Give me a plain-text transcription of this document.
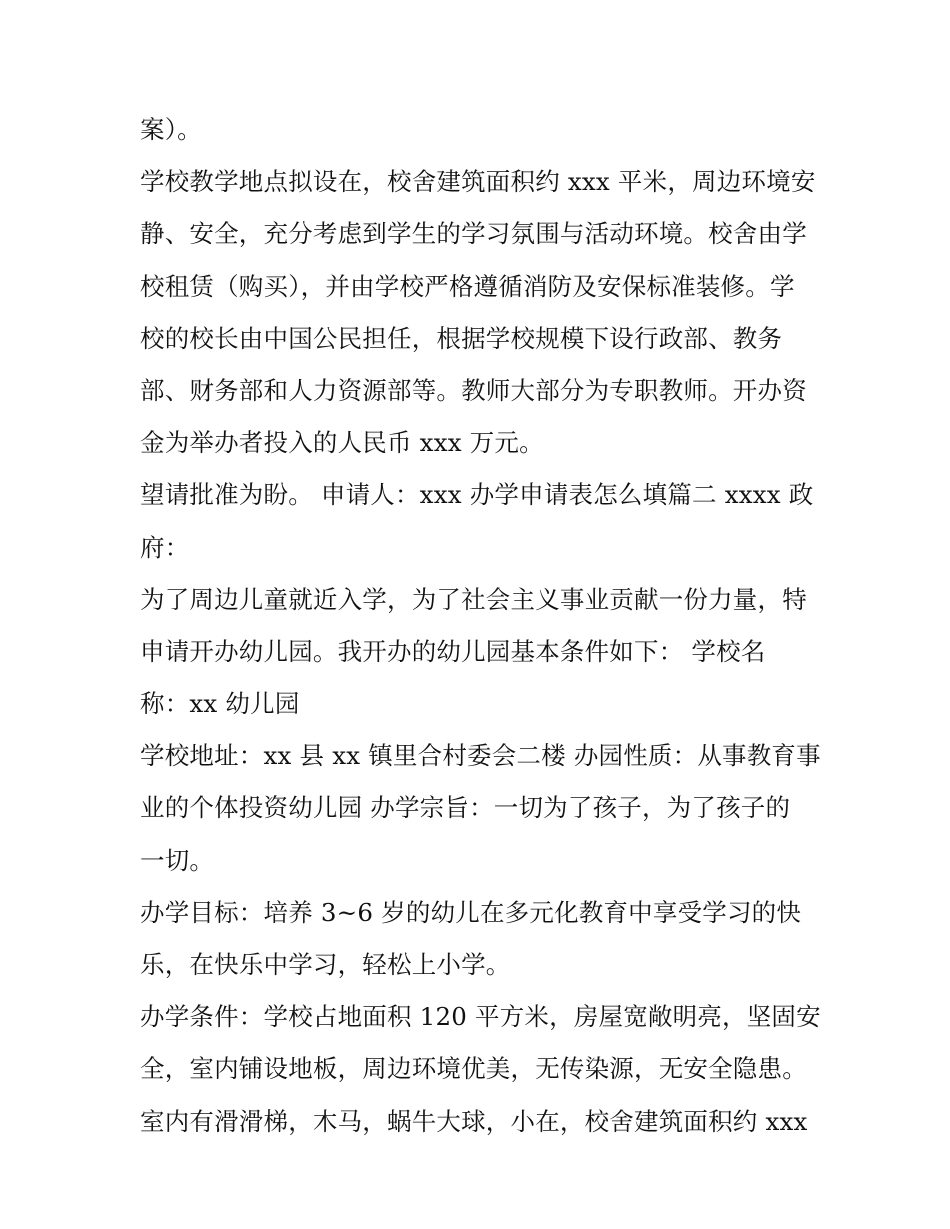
案）。
学校教学地点拟设在，校舍建筑面积约 xxx 平米，周边环境安
静、安全，充分考虑到学生的学习氛围与活动环境。校舍由学
校租赁（购买），并由学校严格遵循消防及安保标准装修。学
校的校长由中国公民担任，根据学校规模下设行政部、教务
部、财务部和人力资源部等。教师大部分为专职教师。开办资
金为举办者投入的人民币 xxx 万元。
望请批准为盼。 申请人：xxx 办学申请表怎么填篇二 xxxx 政
府：
为了周边儿童就近入学，为了社会主义事业贡献一份力量，特
申请开办幼儿园。我开办的幼儿园基本条件如下： 学校名
称：xx 幼儿园
学校地址：xx 县 xx 镇里合村委会二楼 办园性质：从事教育事
业的个体投资幼儿园 办学宗旨：一切为了孩子，为了孩子的
一切。
办学目标：培养 3~6 岁的幼儿在多元化教育中享受学习的快
乐，在快乐中学习，轻松上小学。
办学条件：学校占地面积 120 平方米，房屋宽敞明亮，坚固安
全，室内铺设地板，周边环境优美，无传染源，无安全隐患。
室内有滑滑梯，木马，蜗牛大球，小在，校舍建筑面积约 xxx
